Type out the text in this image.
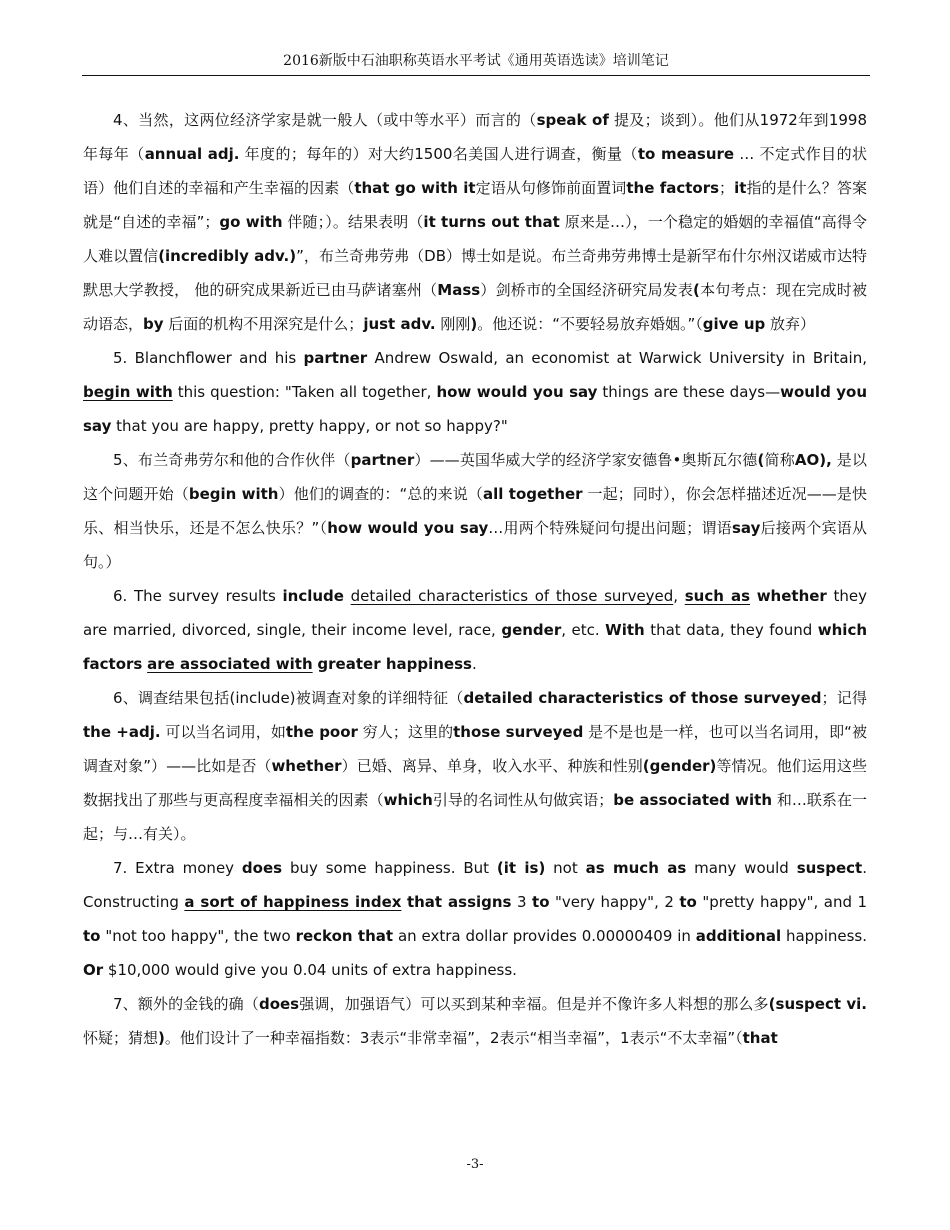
2016新版中石油职称英语水平考试《通用英语选读》培训笔记

4、当然，这两位经济学家是就一般人（或中等水平）而言的（speak of 提及；谈到）。他们从1972年到1998年每年（annual adj. 年度的；每年的）对大约1500名美国人进行调查，衡量（to measure … 不定式作目的状语）他们自述的幸福和产生幸福的因素（that go with it定语从句修饰前面置词the factors；it指的是什么？答案就是“自述的幸福”；go with 伴随；）。结果表明（it turns out that 原来是…），一个稳定的婚姻的幸福值“高得令人难以置信(incredibly adv.)”，布兰奇弗劳弗（DB）博士如是说。布兰奇弗劳弗博士是新罕布什尔州汉诺威市达特默思大学教授， 他的研究成果新近已由马萨诸塞州（Mass）剑桥市的全国经济研究局发表(本句考点：现在完成时被动语态，by 后面的机构不用深究是什么；just adv. 刚刚)。他还说：“不要轻易放弃婚姻。”（give up 放弃）

5. Blanchflower and his partner Andrew Oswald, an economist at Warwick University in Britain, begin with this question: "Taken all together, how would you say things are these days—would you say that you are happy, pretty happy, or not so happy?"

5、布兰奇弗劳尔和他的合作伙伴（partner）——英国华威大学的经济学家安德鲁•奥斯瓦尔德(简称AO), 是以这个问题开始（begin with）他们的调查的：“总的来说（all together 一起；同时），你会怎样描述近况——是快乐、相当快乐，还是不怎么快乐？”（how would you say…用两个特殊疑问句提出问题；谓语say后接两个宾语从句。）

6. The survey results include detailed characteristics of those surveyed, such as whether they are married, divorced, single, their income level, race, gender, etc. With that data, they found which factors are associated with greater happiness.

6、调查结果包括(include)被调查对象的详细特征（detailed characteristics of those surveyed；记得the +adj. 可以当名词用，如the poor 穷人；这里的those surveyed 是不是也是一样，也可以当名词用，即“被调查对象”）——比如是否（whether）已婚、离异、单身，收入水平、种族和性别(gender)等情况。他们运用这些数据找出了那些与更高程度幸福相关的因素（which引导的名词性从句做宾语；be associated with 和…联系在一起；与…有关）。

7. Extra money does buy some happiness. But (it is) not as much as many would suspect. Constructing a sort of happiness index that assigns 3 to "very happy", 2 to "pretty happy", and 1 to "not too happy", the two reckon that an extra dollar provides 0.00000409 in additional happiness. Or $10,000 would give you 0.04 units of extra happiness.

7、额外的金钱的确（does强调，加强语气）可以买到某种幸福。但是并不像许多人料想的那么多(suspect vi. 怀疑；猜想)。他们设计了一种幸福指数：3表示“非常幸福”，2表示“相当幸福”，1表示“不太幸福”（that

-3-
